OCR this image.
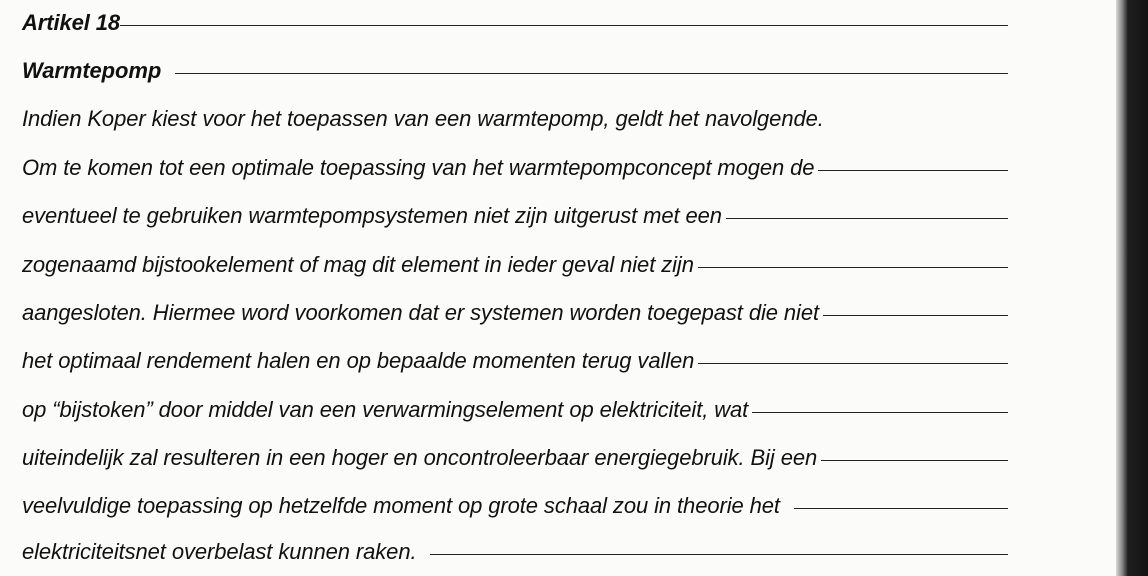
Artikel 18
Warmtepomp
Indien Koper kiest voor het toepassen van een warmtepomp, geldt het navolgende.
Om te komen tot een optimale toepassing van het warmtepompconcept mogen de
eventueel te gebruiken warmtepompsystemen niet zijn uitgerust met een
zogenaamd bijstookelement of mag dit element in ieder geval niet zijn
aangesloten. Hiermee word voorkomen dat er systemen worden toegepast die niet
het optimaal rendement halen en op bepaalde momenten terug vallen
op “bijstoken” door middel van een verwarmingselement op elektriciteit, wat
uiteindelijk zal resulteren in een hoger en oncontroleerbaar energiegebruik. Bij een
veelvuldige toepassing op hetzelfde moment op grote schaal zou in theorie het
elektriciteitsnet overbelast kunnen raken.
